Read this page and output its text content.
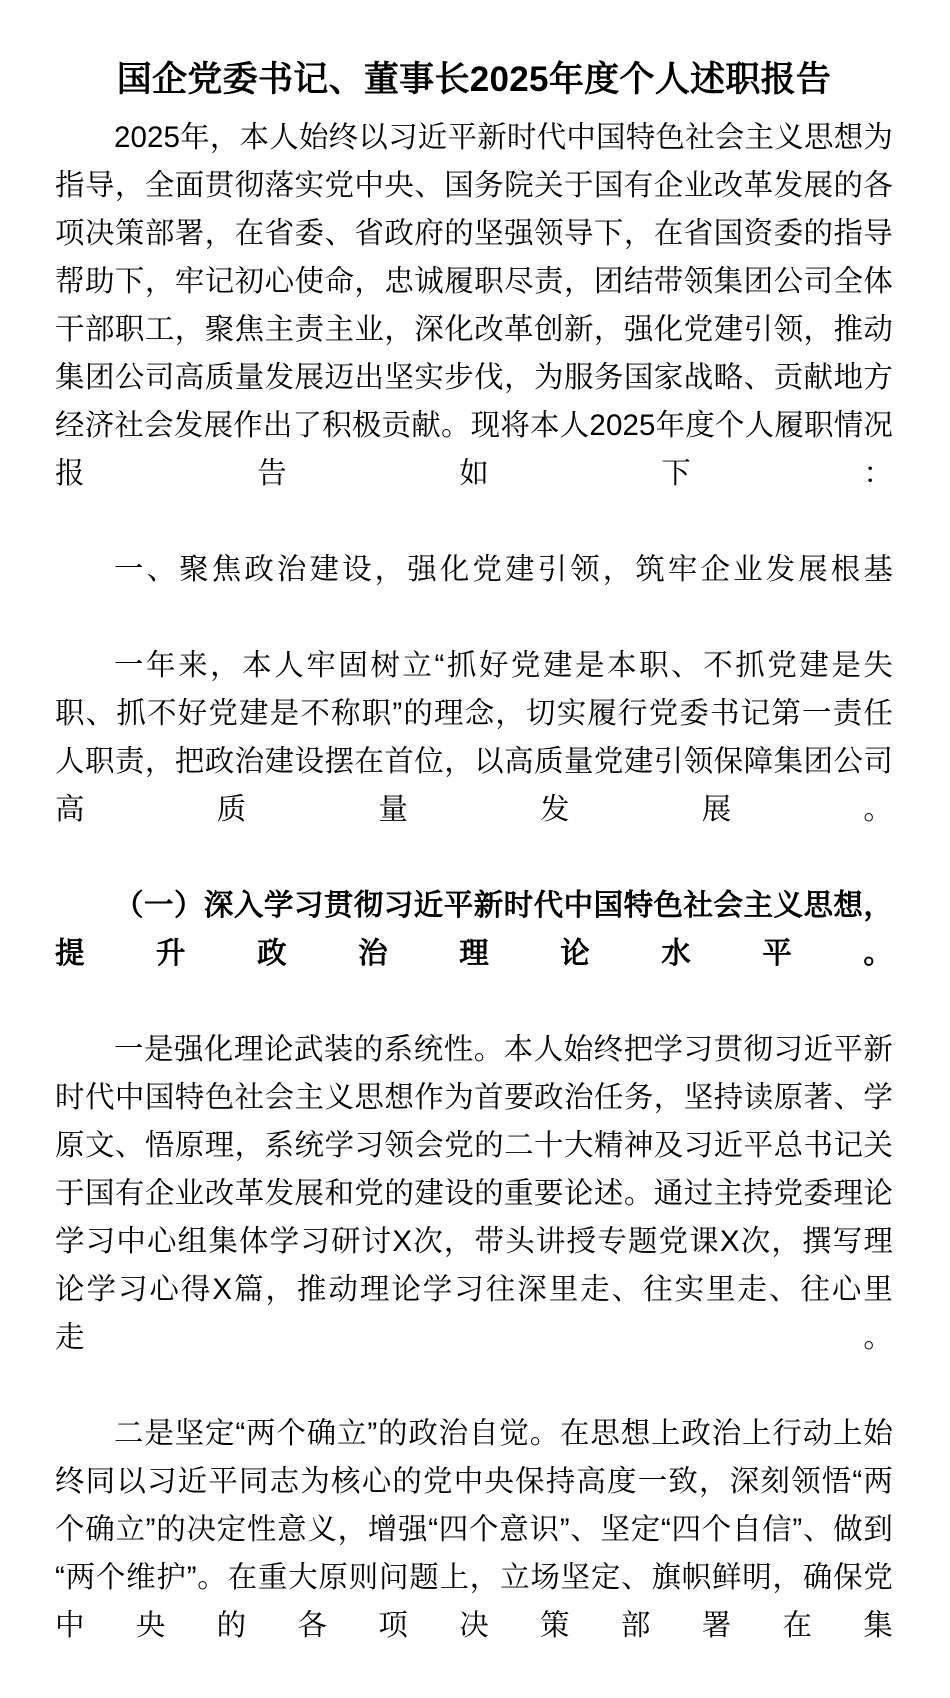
国企党委书记、董事长2025年度个人述职报告

2025年，本人始终以习近平新时代中国特色社会主义思想为指导，全面贯彻落实党中央、国务院关于国有企业改革发展的各项决策部署，在省委、省政府的坚强领导下，在省国资委的指导帮助下，牢记初心使命，忠诚履职尽责，团结带领集团公司全体干部职工，聚焦主责主业，深化改革创新，强化党建引领，推动集团公司高质量发展迈出坚实步伐，为服务国家战略、贡献地方经济社会发展作出了积极贡献。现将本人2025年度个人履职情况报告如下：

一、聚焦政治建设，强化党建引领，筑牢企业发展根基

一年来，本人牢固树立“抓好党建是本职、不抓党建是失职、抓不好党建是不称职”的理念，切实履行党委书记第一责任人职责，把政治建设摆在首位，以高质量党建引领保障集团公司高质量发展。

（一）深入学习贯彻习近平新时代中国特色社会主义思想，提升政治理论水平。

一是强化理论武装的系统性。本人始终把学习贯彻习近平新时代中国特色社会主义思想作为首要政治任务，坚持读原著、学原文、悟原理，系统学习领会党的二十大精神及习近平总书记关于国有企业改革发展和党的建设的重要论述。通过主持党委理论学习中心组集体学习研讨X次，带头讲授专题党课X次，撰写理论学习心得X篇，推动理论学习往深里走、往实里走、往心里走。

二是坚定“两个确立”的政治自觉。在思想上政治上行动上始终同以习近平同志为核心的党中央保持高度一致，深刻领悟“两个确立”的决定性意义，增强“四个意识”、坚定“四个自信”、做到“两个维护”。在重大原则问题上，立场坚定、旗帜鲜明，确保党中央的各项决策部署在集
